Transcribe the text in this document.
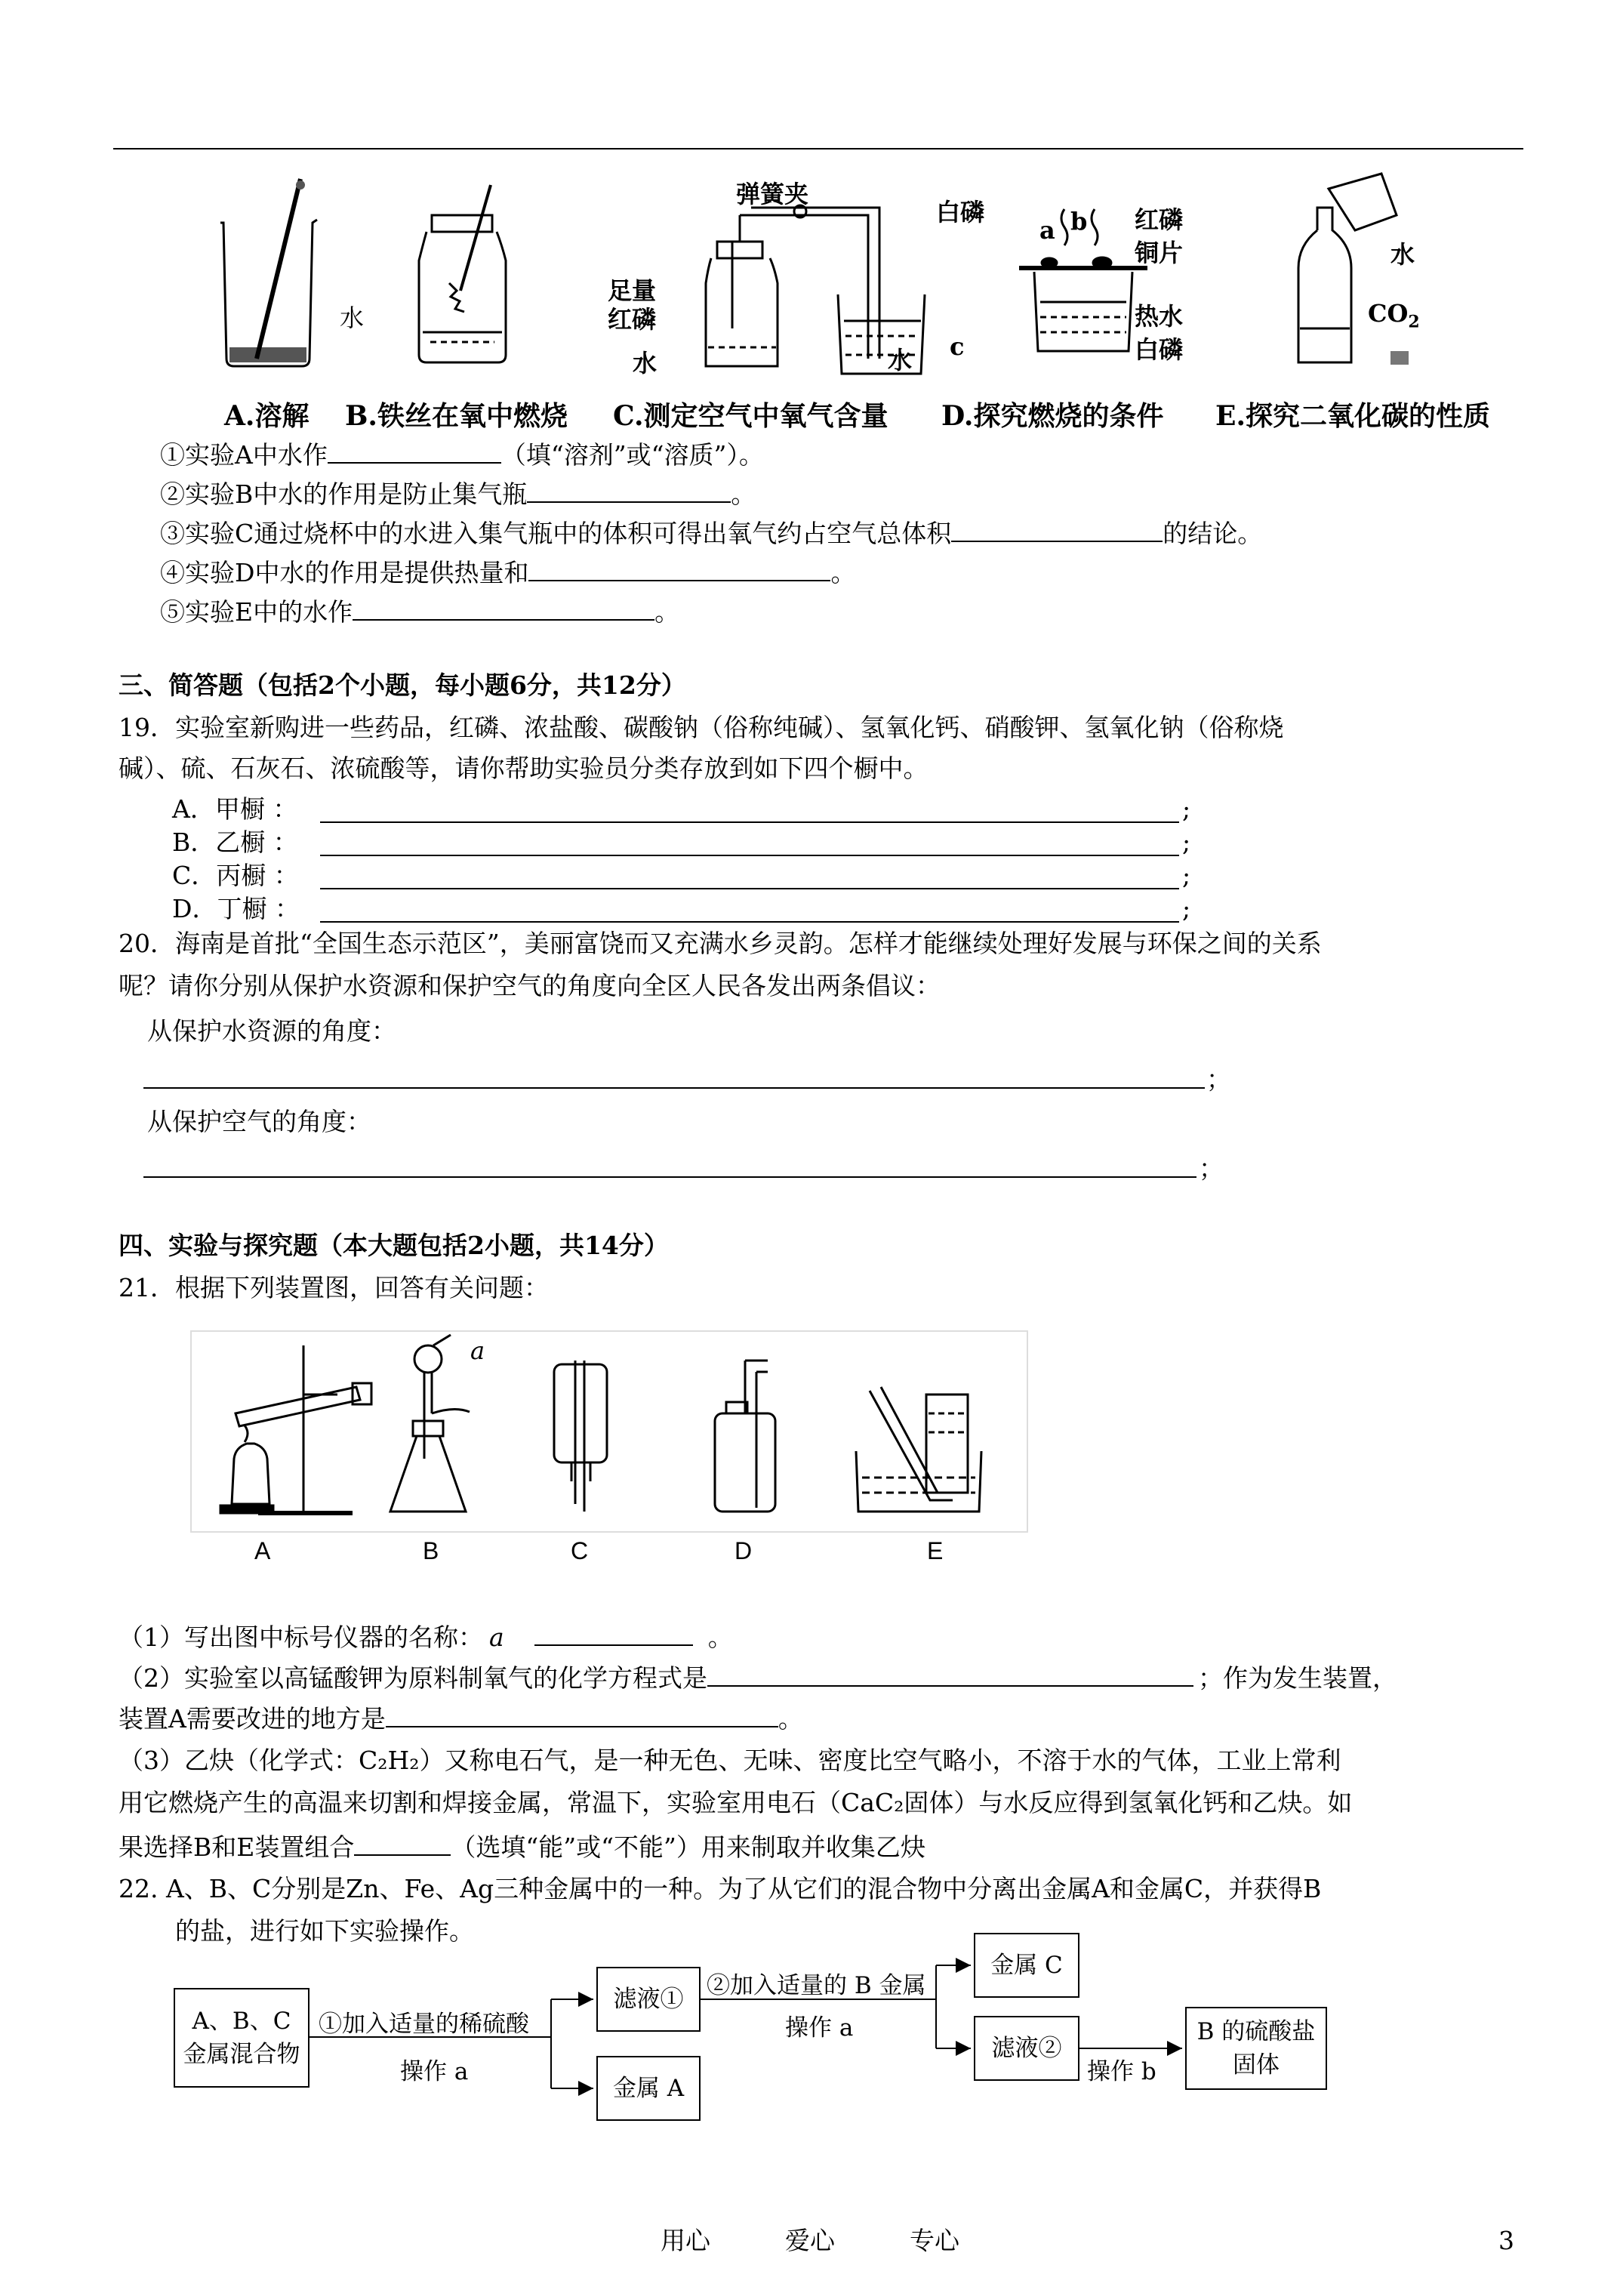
水
弹簧夹
足量
红磷
水	水
白磷
a b 红磷
铜片
热水
白磷
c
水
$CO_2$
A.溶解 B.铁丝在氧中燃烧 C.测定空气中氧气含量 D.探究燃烧的条件 E.探究二氧化碳的性质
①实验A中水作	（填“溶剂”或“溶质”）。
②实验B中水的作用是防止集气瓶	。
③实验C通过烧杯中的水进入集气瓶中的体积可得出氧气约占空气总体积	的结论。
④实验D中水的作用是提供热量和	。
⑤实验E中的水作	。
三、简答题（包括2个小题，每小题6分，共12分）
19．实验室新购进一些药品，红磷、浓盐酸、碳酸钠（俗称纯碱）、氢氧化钙、硝酸钾、氢氧化钠（俗称烧
碱）、硫、石灰石、浓硫酸等，请你帮助实验员分类存放到如下四个橱中。
A．甲橱 ：
B．乙橱 ：
C．丙橱 ：
D．丁橱 ：
;
;
;
;
20．海南是首批“全国生态示范区”，美丽富饶而又充满水乡灵韵。怎样才能继续处理好发展与环保之间的关系
呢？请你分别从保护水资源和保护空气的角度向全区人民各发出两条倡议：
从保护水资源的角度：
；
从保护空气的角度：
；
四、实验与探究题（本大题包括2小题，共14分）
21．根据下列装置图，回答有关问题：
a
A	B	C	D	E
（1）写出图中标号仪器的名称： a	。
（2）实验室以高锰酸钾为原料制氧气的化学方程式是	；作为发生装置，
装置A需要改进的地方是	。
（3）乙炔（化学式：C₂H₂）又称电石气，是一种无色、无味、密度比空气略小，不溶于水的气体，工业上常利
用它燃烧产生的高温来切割和焊接金属，常温下，实验室用电石（CaC₂固体）与水反应得到氢氧化钙和乙炔。如
果选择B和E装置组合	（选填“能”或“不能”）用来制取并收集乙炔
22. A、B、C分别是Zn、Fe、Ag三种金属中的一种。为了从它们的混合物中分离出金属A和金属C，并获得B
的盐，进行如下实验操作。
A、B、C
金属混合物
滤液①
金属 A
金属 C
滤液②
B 的硫酸盐
固体
①加入适量的稀硫酸
操作 a
②加入适量的 B 金属
操作 a
操作 b
用心　　　爱心　　　专心	3
